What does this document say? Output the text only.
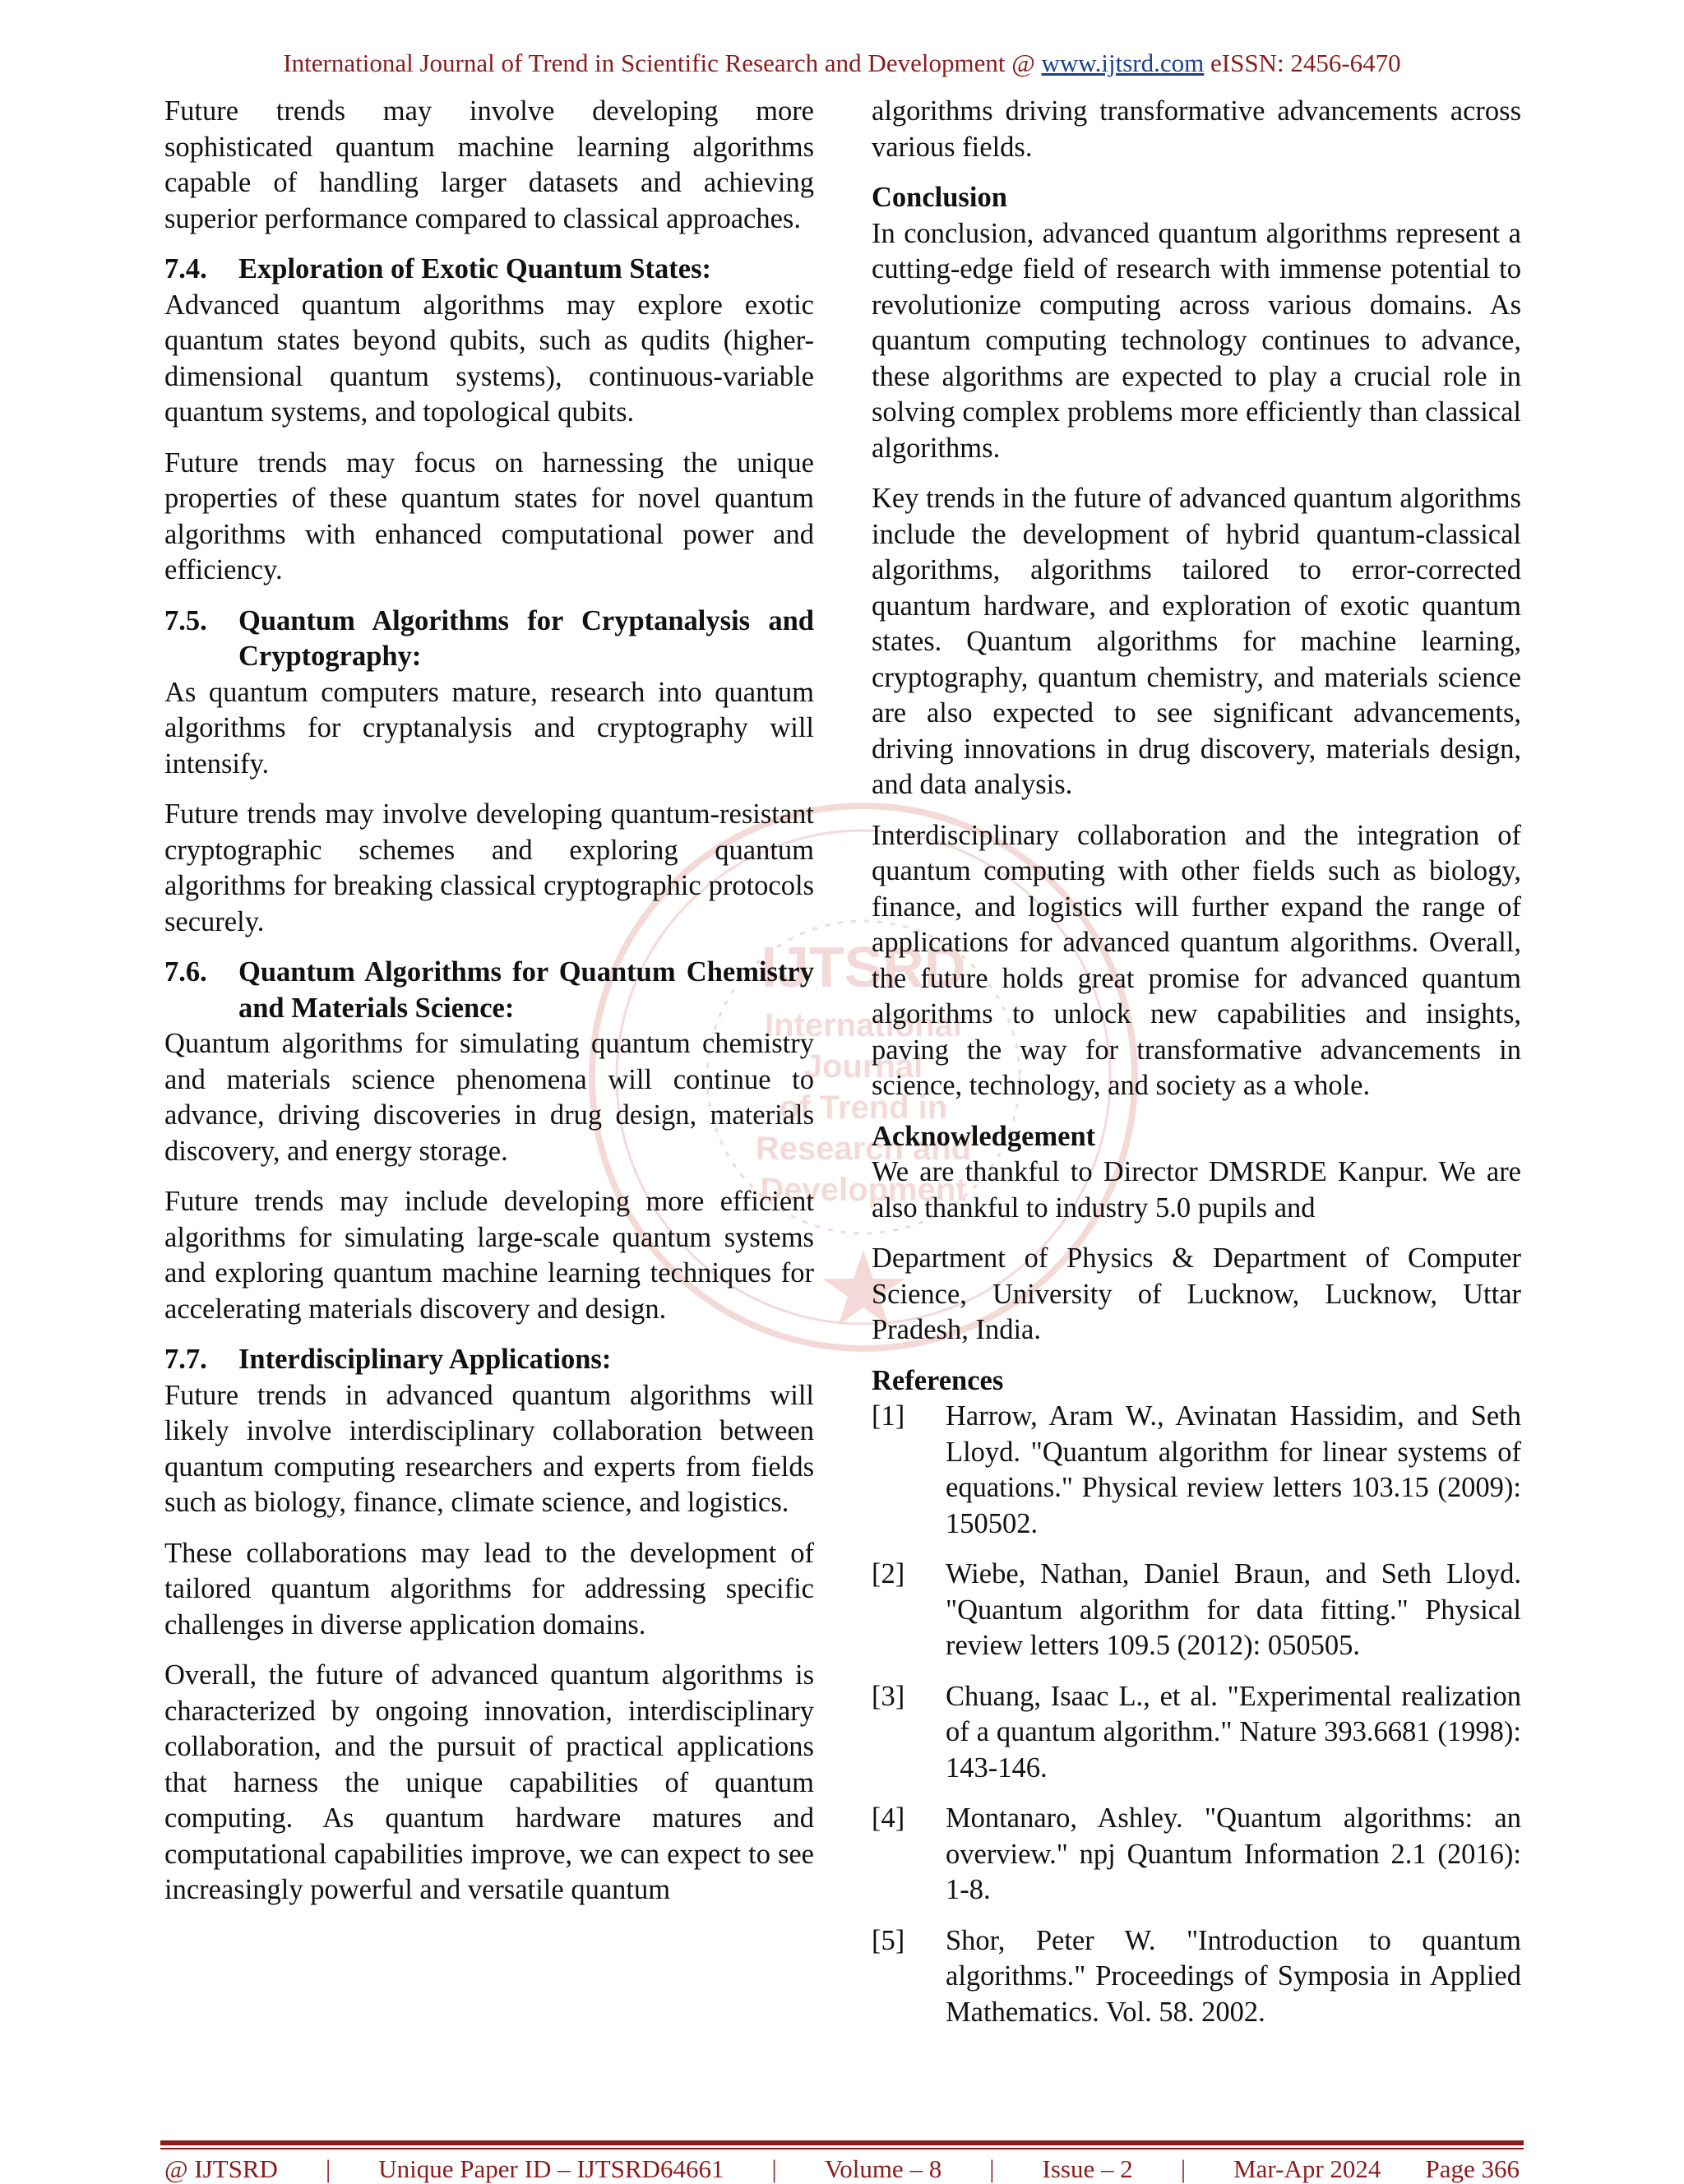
International Journal of Trend in Scientific Research and Development @ www.ijtsrd.com eISSN: 2456-6470
IJTSRD
International
Journal
of Trend in
Research and
Development

Future trends may involve developing more sophisticated quantum machine learning algorithms capable of handling larger datasets and achieving superior performance compared to classical approaches.

7.4.	Exploration of Exotic Quantum States:

Advanced quantum algorithms may explore exotic quantum states beyond qubits, such as qudits (higher-dimensional quantum systems), continuous-variable quantum systems, and topological qubits.

Future trends may focus on harnessing the unique properties of these quantum states for novel quantum algorithms with enhanced computational power and efficiency.

7.5.	Quantum Algorithms for Cryptanalysis and Cryptography:

As quantum computers mature, research into quantum algorithms for cryptanalysis and cryptography will intensify.

Future trends may involve developing quantum-resistant cryptographic schemes and exploring quantum algorithms for breaking classical cryptographic protocols securely.

7.6.	Quantum Algorithms for Quantum Chemistry and Materials Science:

Quantum algorithms for simulating quantum chemistry and materials science phenomena will continue to advance, driving discoveries in drug design, materials discovery, and energy storage.

Future trends may include developing more efficient algorithms for simulating large-scale quantum systems and exploring quantum machine learning techniques for accelerating materials discovery and design.

7.7.	Interdisciplinary Applications:

Future trends in advanced quantum algorithms will likely involve interdisciplinary collaboration between quantum computing researchers and experts from fields such as biology, finance, climate science, and logistics.

These collaborations may lead to the development of tailored quantum algorithms for addressing specific challenges in diverse application domains.

Overall, the future of advanced quantum algorithms is characterized by ongoing innovation, interdisciplinary collaboration, and the pursuit of practical applications that harness the unique capabilities of quantum computing. As quantum hardware matures and computational capabilities improve, we can expect to see increasingly powerful and versatile quantum

algorithms driving transformative advancements across various fields.

Conclusion

In conclusion, advanced quantum algorithms represent a cutting-edge field of research with immense potential to revolutionize computing across various domains. As quantum computing technology continues to advance, these algorithms are expected to play a crucial role in solving complex problems more efficiently than classical algorithms.

Key trends in the future of advanced quantum algorithms include the development of hybrid quantum-classical algorithms, algorithms tailored to error-corrected quantum hardware, and exploration of exotic quantum states. Quantum algorithms for machine learning, cryptography, quantum chemistry, and materials science are also expected to see significant advancements, driving innovations in drug discovery, materials design, and data analysis.

Interdisciplinary collaboration and the integration of quantum computing with other fields such as biology, finance, and logistics will further expand the range of applications for advanced quantum algorithms. Overall, the future holds great promise for advanced quantum algorithms to unlock new capabilities and insights, paving the way for transformative advancements in science, technology, and society as a whole.

Acknowledgement

We are thankful to Director DMSRDE Kanpur. We are also thankful to industry 5.0 pupils and

Department of Physics & Department of Computer Science, University of Lucknow, Lucknow, Uttar Pradesh, India.

References
[1]	Harrow, Aram W., Avinatan Hassidim, and Seth Lloyd. "Quantum algorithm for linear systems of equations." Physical review letters 103.15 (2009): 150502.
[2]	Wiebe, Nathan, Daniel Braun, and Seth Lloyd. "Quantum algorithm for data fitting." Physical review letters 109.5 (2012): 050505.
[3]	Chuang, Isaac L., et al. "Experimental realization of a quantum algorithm." Nature 393.6681 (1998): 143-146.
[4]	Montanaro, Ashley. "Quantum algorithms: an overview." npj Quantum Information 2.1 (2016): 1-8.
[5]	Shor, Peter W. "Introduction to quantum algorithms." Proceedings of Symposia in Applied Mathematics. Vol. 58. 2002.
@ IJTSRD | Unique Paper ID – IJTSRD64661 | Volume – 8 | Issue – 2 | Mar-Apr 2024 Page 366
